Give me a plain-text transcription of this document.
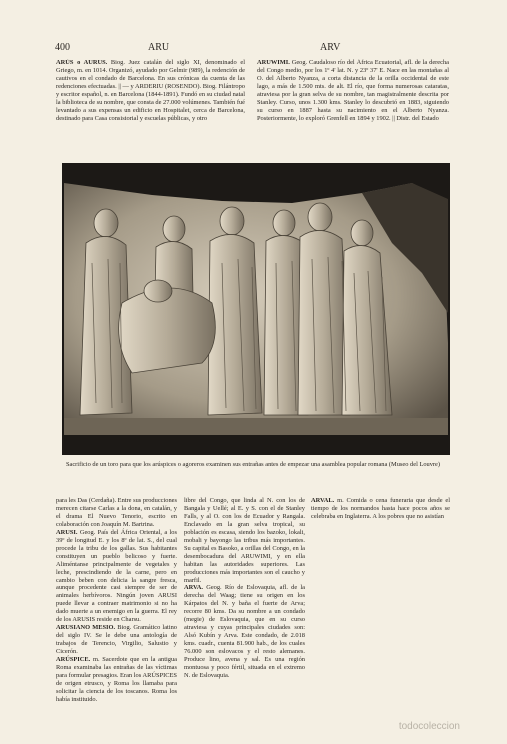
400	ARU	ARV

ARÚS o AURUS. Biog. Juez catalán del siglo XI, denominado el Griego, m. en 1014. Organizó, ayudado por Gelmir (989), la redención de cautivos en el condado de Barcelona. En sus crónicas da cuenta de las redenciones efectuadas. || — y ARDERIU (ROSENDO). Biog. Filántropo y escritor español, n. en Barcelona (1844-1891). Fundó en su ciudad natal la biblioteca de su nombre, que consta de 27.000 volúmenes. También fué levantado a sus expensas un edificio en Hospitalet, cerca de Barcelona, destinado para Casa consistorial y escuelas públicas, y otro

ARUWIMI. Geog. Caudaloso río del África Ecuatorial, afl. de la derecha del Congo medio, por los 1º 4' lat. N. y 23º 37' E. Nace en las montañas al O. del Alberto Nyanza, a corta distancia de la orilla occidental de este lago, a más de 1.500 mts. de alt. El río, que forma numerosas cataratas, atraviesa por la gran selva de su nombre, tan magistralmente descrita por Stanley. Curso, unos 1.300 kms. Stanley lo descubrió en 1883, siguiendo su curso en 1887 hasta su nacimiento en el Alberto Nyanza. Posteriormente, lo exploró Grenfell en 1894 y 1902. || Distr. del Estado

Sacrificio de un toro para que los arúspices o agoreros examinen sus entrañas antes de empezar una asamblea popular romana (Museo del Louvre)

para les Das (Cerdaña). Entre sus producciones merecen citarse Carlas a la dona, en catalán, y el drama El Nuevo Tenorio, escrito en colaboración con Joaquín M. Bartrina.

ARUSI. Geog. País del África Oriental, a los 39º de longitud E. y los 8º de lat. S., del cual procede la tribu de los gallas. Sus habitantes constituyen un pueblo belicoso y fuerte. Aliméntanse principalmente de vegetales y leche, prescindiendo de la carne, pero en cambio beben con delicia la sangre fresca, aunque procedente casi siempre de ser de animales herbívoros. Ningún joven ARUSI puede llevar a contraer matrimonio si no ha dado muerte a un enemigo en la guerra. El rey de los ARUSIS reside en Charsu.

ARUSIANO MESIO. Biog. Gramático latino del siglo IV. Se le debe una antología de trabajos de Terencio, Virgilio, Salustio y Cicerón.

ARÚSPICE. m. Sacerdote que en la antigua Roma examinaba las entrañas de las víctimas para formular presagios. Eran los ARÚSPICES de origen etrusco, y Roma los llamaba para solicitar la ciencia de los toscanos. Roma los había instituido.

libre del Congo, que linda al N. con los de Bangala y Uellé; al E. y S. con el de Stanley Falls, y al O. con los de Ecuador y Rangala. Enclavado en la gran selva tropical, su población es escasa, siendo los bazoko, lokali, mobali y bayongo las tribus más importantes. Su capital es Basoko, a orillas del Congo, en la desembocadura del ARUWIMI, y en ella habitan las autoridades superiores. Las producciones más importantes son el caucho y marfil.

ARVA. Geog. Río de Eslovaquia, afl. de la derecha del Waag; tiene su origen en los Kárpatos del N. y baña el fuerte de Arva; recorre 80 kms. Da su nombre a un condado (megie) de Eslovaquia, que en su curso atraviesa y cuyas principales ciudades son: Alsó Kubín y Arva. Este condado, de 2.018 kms. cuadr., cuenta 81.900 hab., de los cuales 76.000 son eslovacos y el resto alemanes. Produce lino, avena y sal. Es una región montuosa y poco fértil, situada en el extremo N. de Eslovaquia.

ARVAL. m. Comida o cena funeraria que desde el tiempo de los normandos hasta hace pocos años se celebraba en Inglaterra. A los pobres que no asistían

todocoleccion
